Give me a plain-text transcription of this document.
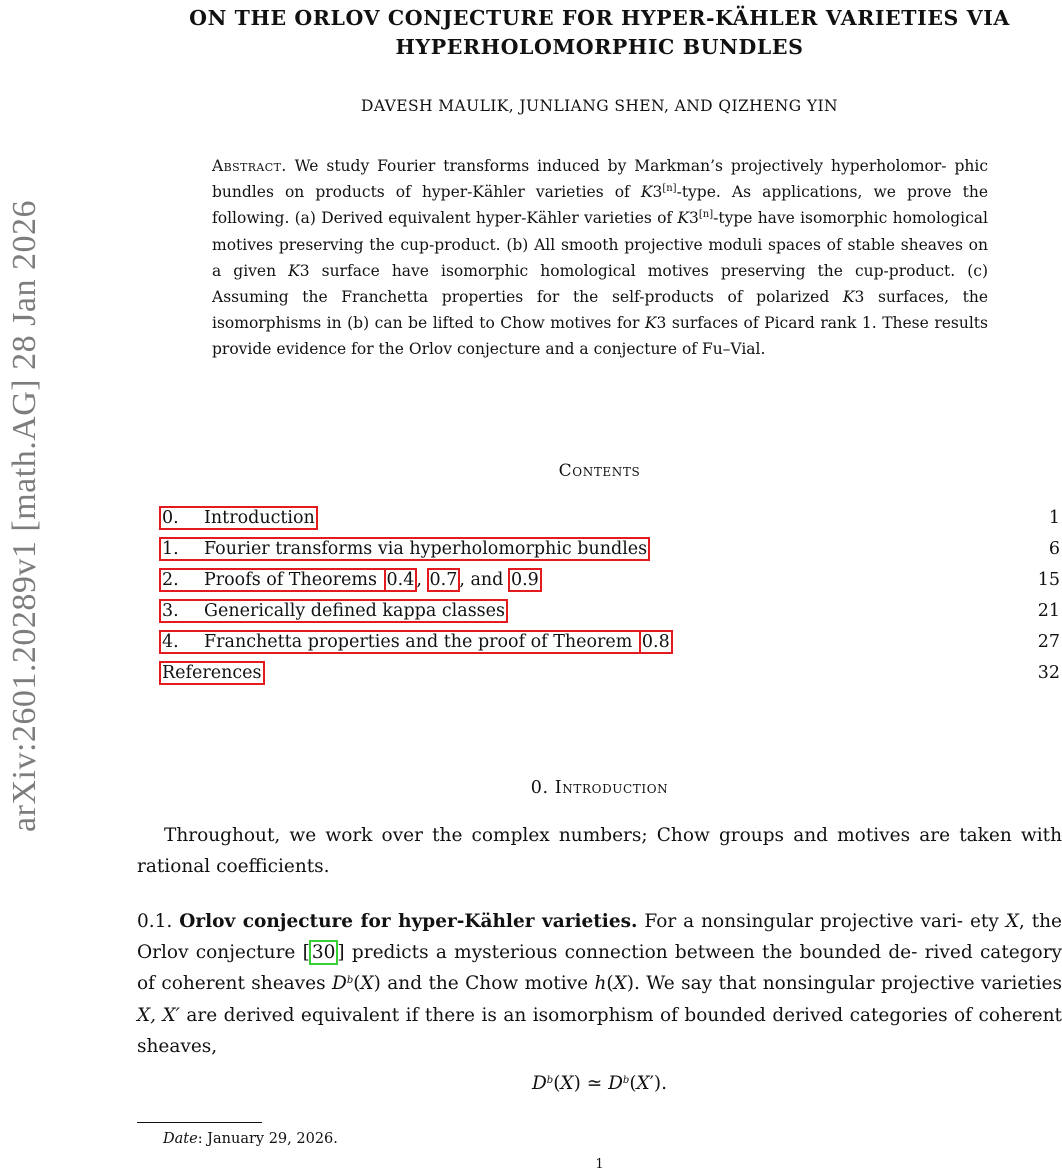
arXiv:2601.20289v1 [math.AG] 28 Jan 2026
ON THE ORLOV CONJECTURE FOR HYPER-KÄHLER VARIETIES VIA
HYPERHOLOMORPHIC BUNDLES
DAVESH MAULIK, JUNLIANG SHEN, AND QIZHENG YIN
Abstract. We study Fourier transforms induced by Markman’s projectively hyperholomor- phic bundles on products of hyper-Kähler varieties of K3[n]-type. As applications, we prove the following. (a) Derived equivalent hyper-Kähler varieties of K3[n]-type have isomorphic homological motives preserving the cup-product. (b) All smooth projective moduli spaces of stable sheaves on a given K3 surface have isomorphic homological motives preserving the cup-product. (c) Assuming the Franchetta properties for the self-products of polarized K3 surfaces, the isomorphisms in (b) can be lifted to Chow motives for K3 surfaces of Picard rank 1. These results provide evidence for the Orlov conjecture and a conjecture of Fu–Vial.
Contents
0. Introduction	1
1. Fourier transforms via hyperholomorphic bundles	6
2. Proofs of Theorems 0.4 , 0.7 , and 0.9	15
3. Generically defined kappa classes	21
4. Franchetta properties and the proof of Theorem 0.8	27
References	32
0. Introduction
Throughout, we work over the complex numbers; Chow groups and motives are taken with rational coefficients.
0.1. Orlov conjecture for hyper-Kähler varieties. For a nonsingular projective vari- ety X, the Orlov conjecture [ 30 ] predicts a mysterious connection between the bounded de- rived category of coherent sheaves $D^b(X)$ and the Chow motive h(X). We say that nonsingular projective varieties X, X′ are derived equivalent if there is an isomorphism of bounded derived categories of coherent sheaves,
$D^b(X)$ ≃ $D^b(X')$.
Date: January 29, 2026.
1
